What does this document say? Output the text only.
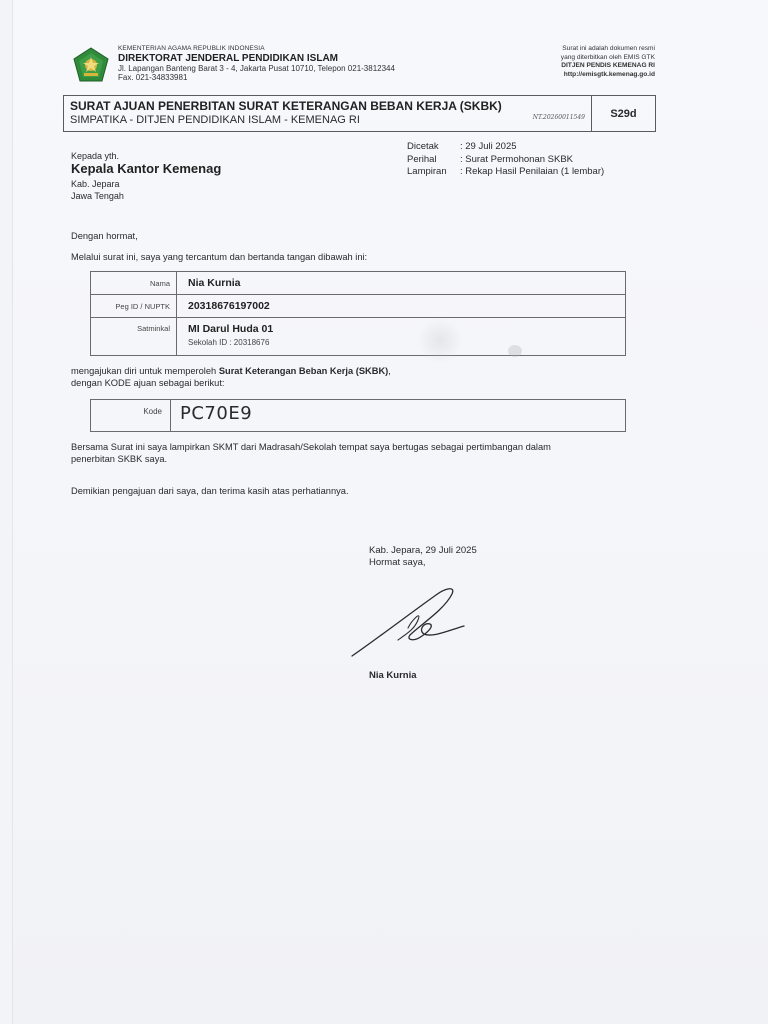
KEMENTERIAN AGAMA REPUBLIK INDONESIA
DIREKTORAT JENDERAL PENDIDIKAN ISLAM
Jl. Lapangan Banteng Barat 3 - 4, Jakarta Pusat 10710, Telepon 021-3812344
Fax. 021-34833981
Surat ini adalah dokumen resmi
yang diterbitkan oleh EMIS GTK
DITJEN PENDIS KEMENAG RI
http://emisgtk.kemenag.go.id
SURAT AJUAN PENERBITAN SURAT KETERANGAN BEBAN KERJA (SKBK)
SIMPATIKA - DITJEN PENDIDIKAN ISLAM - KEMENAG RI	NT.20260011549	S29d
Kepada yth.
Kepala Kantor Kemenag
Kab. Jepara
Jawa Tengah
Dicetak	: 29 Juli 2025
Perihal	: Surat Permohonan SKBK
Lampiran	: Rekap Hasil Penilaian (1 lembar)
Dengan hormat,
Melalui surat ini, saya yang tercantum dan bertanda tangan dibawah ini:
Nama	Nia Kurnia
Peg ID / NUPTK	20318676197002
Satminkal	MI Darul Huda 01
Sekolah ID : 20318676
mengajukan diri untuk memperoleh Surat Keterangan Beban Kerja (SKBK),
dengan KODE ajuan sebagai berikut:
Kode	PC70E9
Bersama Surat ini saya lampirkan SKMT dari Madrasah/Sekolah tempat saya bertugas sebagai pertimbangan dalam
penerbitan SKBK saya.
Demikian pengajuan dari saya, dan terima kasih atas perhatiannya.
Kab. Jepara, 29 Juli 2025
Hormat saya,
Nia Kurnia
